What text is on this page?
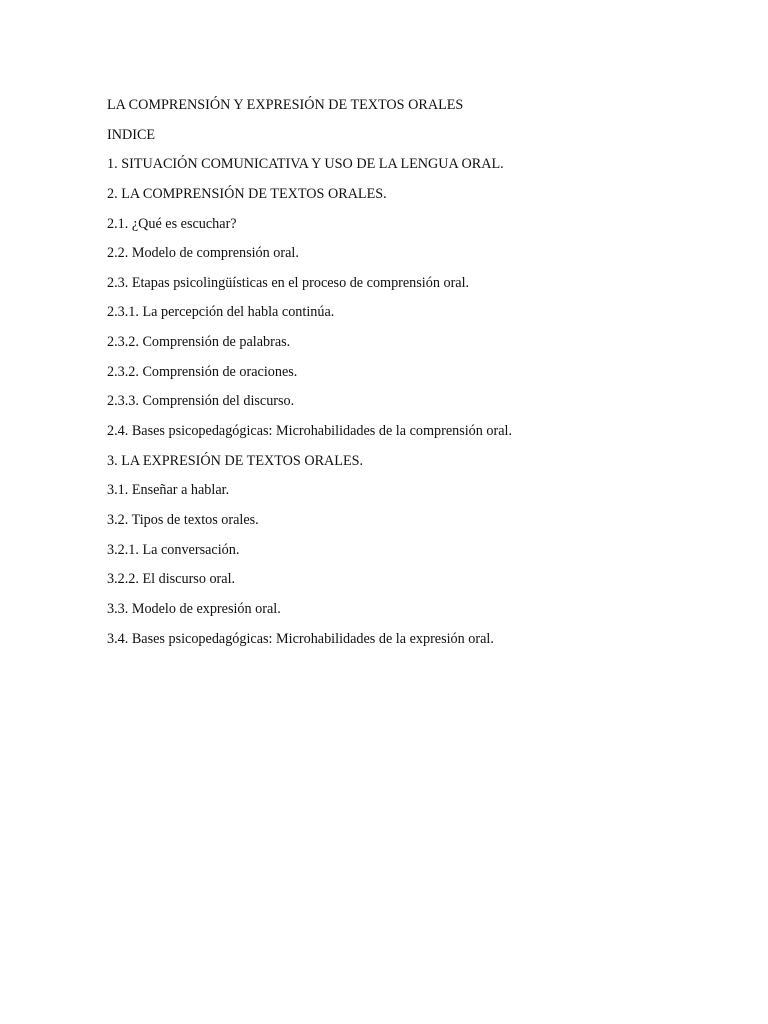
LA COMPRENSIÓN Y EXPRESIÓN DE TEXTOS ORALES
INDICE
1. SITUACIÓN COMUNICATIVA Y USO DE LA LENGUA ORAL.
2. LA COMPRENSIÓN DE TEXTOS ORALES.
2.1. ¿Qué es escuchar?
2.2. Modelo de comprensión oral.
2.3. Etapas psicolingüísticas en el proceso de comprensión oral.
2.3.1. La percepción del habla continúa.
2.3.2. Comprensión de palabras.
2.3.2. Comprensión de oraciones.
2.3.3. Comprensión del discurso.
2.4. Bases psicopedagógicas: Microhabilidades de la comprensión oral.
3. LA EXPRESIÓN DE TEXTOS ORALES.
3.1. Enseñar a hablar.
3.2. Tipos de textos orales.
3.2.1. La conversación.
3.2.2. El discurso oral.
3.3. Modelo de expresión oral.
3.4. Bases psicopedagógicas: Microhabilidades de la expresión oral.
